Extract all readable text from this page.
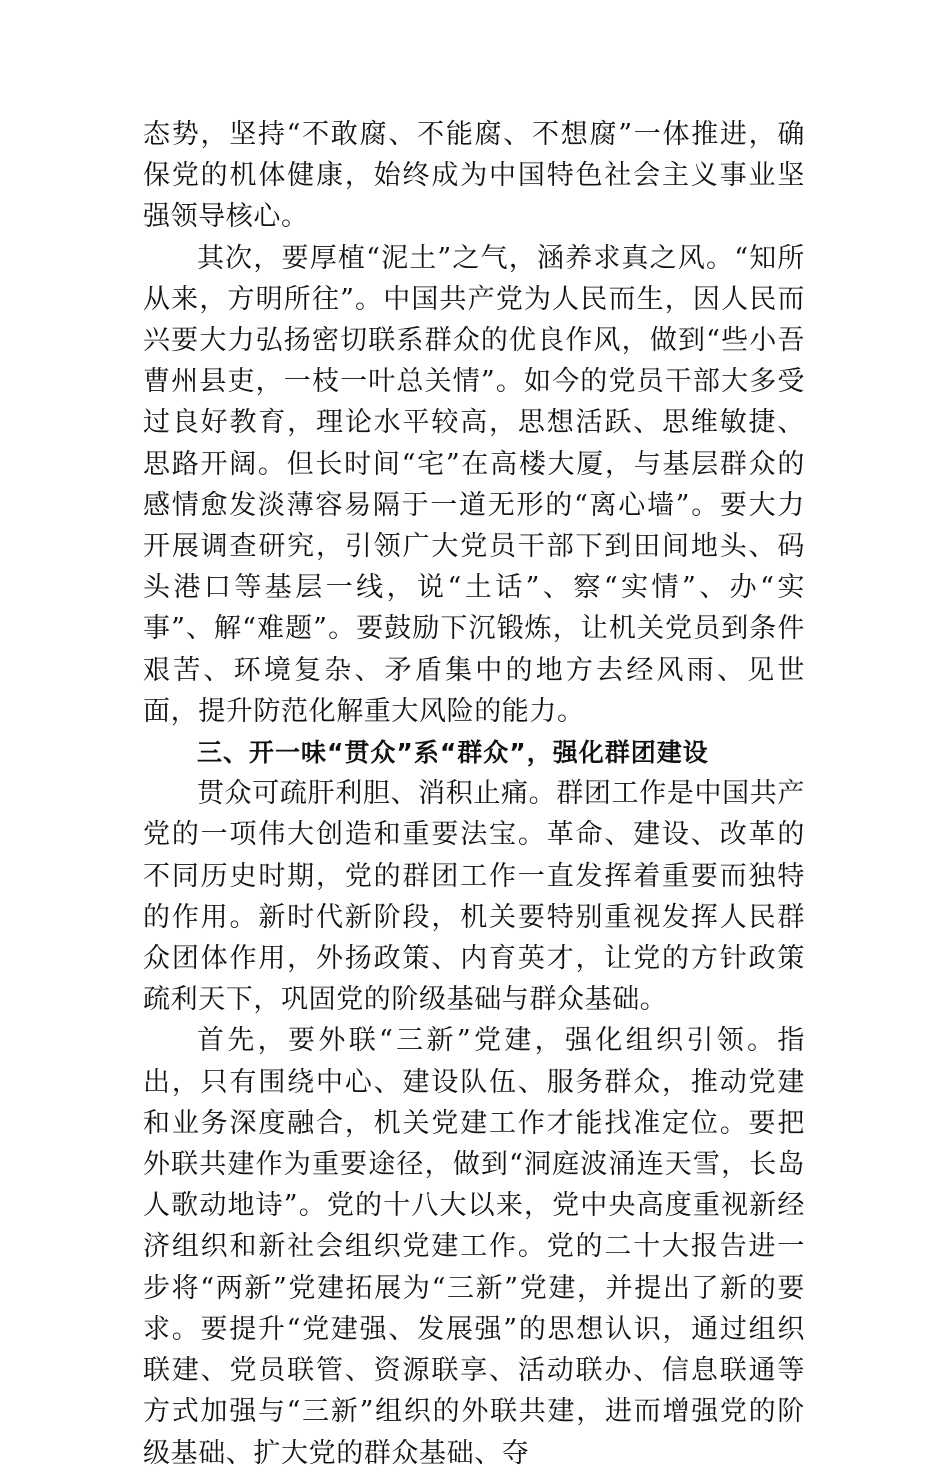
态势，坚持“不敢腐、不能腐、不想腐”一体推进，确保党的机体健康，始终成为中国特色社会主义事业坚强领导核心。

其次，要厚植“泥土”之气，涵养求真之风。“知所从来，方明所往”。中国共产党为人民而生，因人民而兴要大力弘扬密切联系群众的优良作风，做到“些小吾曹州县吏，一枝一叶总关情”。如今的党员干部大多受过良好教育，理论水平较高，思想活跃、思维敏捷、思路开阔。但长时间“宅”在高楼大厦，与基层群众的感情愈发淡薄容易隔于一道无形的“离心墙”。要大力开展调查研究，引领广大党员干部下到田间地头、码头港口等基层一线，说“土话”、察“实情”、办“实事”、解“难题”。要鼓励下沉锻炼，让机关党员到条件艰苦、环境复杂、矛盾集中的地方去经风雨、见世面，提升防范化解重大风险的能力。

三、开一味“贯众”系“群众”，强化群团建设

贯众可疏肝利胆、消积止痛。群团工作是中国共产党的一项伟大创造和重要法宝。革命、建设、改革的不同历史时期，党的群团工作一直发挥着重要而独特的作用。新时代新阶段，机关要特别重视发挥人民群众团体作用，外扬政策、内育英才，让党的方针政策疏利天下，巩固党的阶级基础与群众基础。

首先，要外联“三新”党建，强化组织引领。指出，只有围绕中心、建设队伍、服务群众，推动党建和业务深度融合，机关党建工作才能找准定位。要把外联共建作为重要途径，做到“洞庭波涌连天雪，长岛人歌动地诗”。党的十八大以来，党中央高度重视新经济组织和新社会组织党建工作。党的二十大报告进一步将“两新”党建拓展为“三新”党建，并提出了新的要求。要提升“党建强、发展强”的思想认识，通过组织联建、党员联管、资源联享、活动联办、信息联通等方式加强与“三新”组织的外联共建，进而增强党的阶级基础、扩大党的群众基础、夺
